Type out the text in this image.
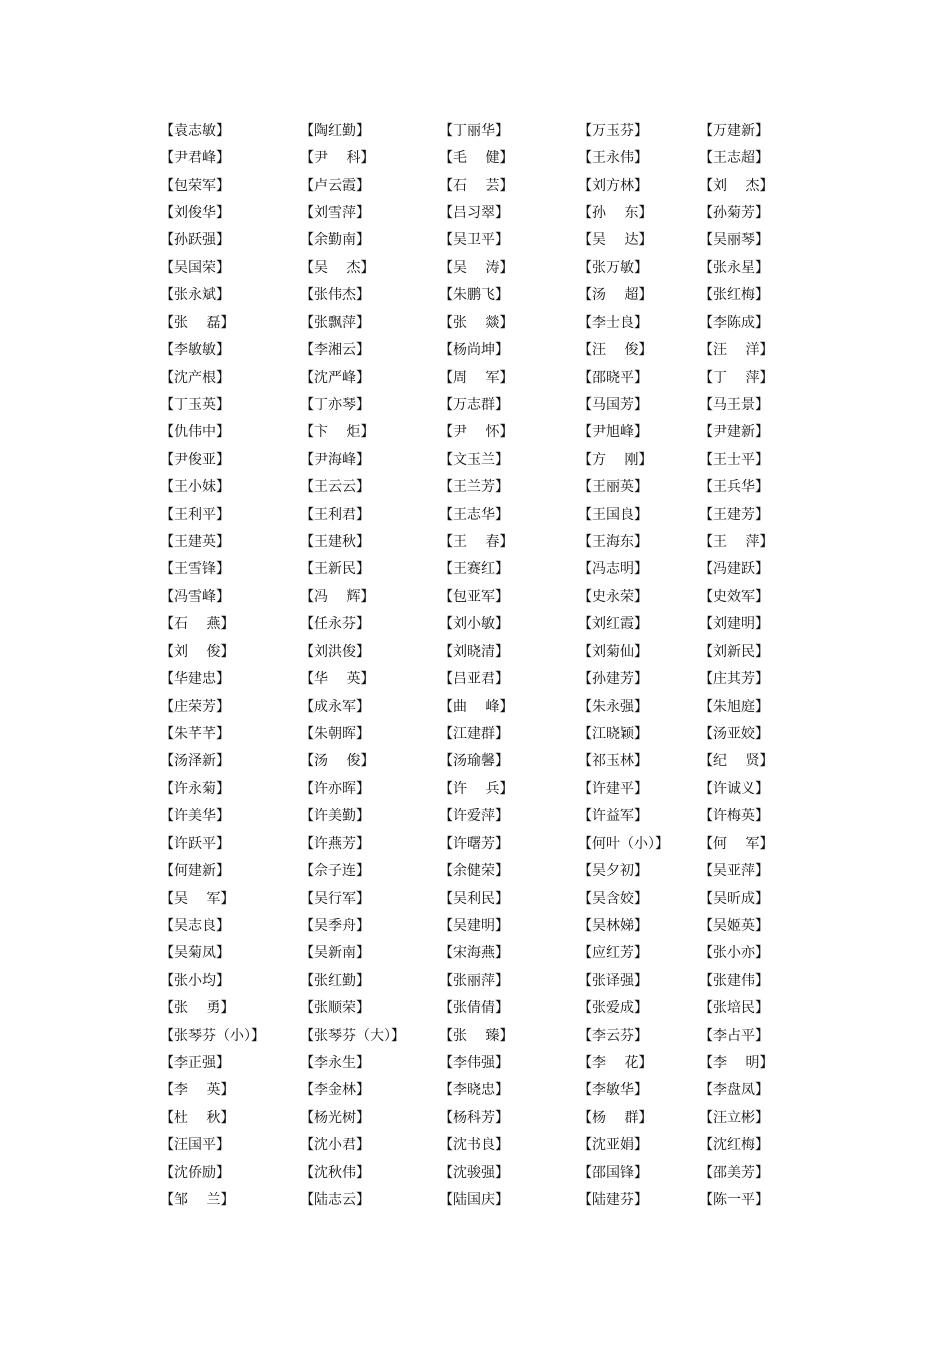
【袁志敏】	【陶红勤】	【丁丽华】	【万玉芬】	【万建新】
【尹君峰】	【尹　 科】	【毛　 健】	【王永伟】	【王志超】
【包荣军】	【卢云霞】	【石　 芸】	【刘方林】	【刘　 杰】
【刘俊华】	【刘雪萍】	【吕习翠】	【孙　 东】	【孙菊芳】
【孙跃强】	【余勤南】	【吴卫平】	【吴　 达】	【吴丽琴】
【吴国荣】	【吴　 杰】	【吴　 涛】	【张万敏】	【张永星】
【张永斌】	【张伟杰】	【朱鹏飞】	【汤　 超】	【张红梅】
【张　 磊】	【张飘萍】	【张　 燚】	【李士良】	【李陈成】
【李敏敏】	【李湘云】	【杨尚坤】	【汪　 俊】	【汪　 洋】
【沈产根】	【沈严峰】	【周　 军】	【邵晓平】	【丁　 萍】
【丁玉英】	【丁亦琴】	【万志群】	【马国芳】	【马王景】
【仇伟中】	【卞　 炬】	【尹　 怀】	【尹旭峰】	【尹建新】
【尹俊亚】	【尹海峰】	【文玉兰】	【方　 刚】	【王士平】
【王小妹】	【王云云】	【王兰芳】	【王丽英】	【王兵华】
【王利平】	【王利君】	【王志华】	【王国良】	【王建芳】
【王建英】	【王建秋】	【王　 春】	【王海东】	【王　 萍】
【王雪锋】	【王新民】	【王赛红】	【冯志明】	【冯建跃】
【冯雪峰】	【冯　 辉】	【包亚军】	【史永荣】	【史效军】
【石　 燕】	【任永芬】	【刘小敏】	【刘红霞】	【刘建明】
【刘　 俊】	【刘洪俊】	【刘晓清】	【刘菊仙】	【刘新民】
【华建忠】	【华　 英】	【吕亚君】	【孙建芳】	【庄其芳】
【庄荣芳】	【成永军】	【曲　 峰】	【朱永强】	【朱旭庭】
【朱芊芊】	【朱朝晖】	【江建群】	【江晓颖】	【汤亚姣】
【汤泽新】	【汤　 俊】	【汤瑜馨】	【祁玉林】	【纪　 贤】
【许永菊】	【许亦晖】	【许　 兵】	【许建平】	【许诚义】
【许美华】	【许美勤】	【许爱萍】	【许益军】	【许梅英】
【许跃平】	【许燕芳】	【许曙芳】	【何叶（小）】	【何　 军】
【何建新】	【佘子连】	【余健荣】	【吴夕初】	【吴亚萍】
【吴　 军】	【吴行军】	【吴利民】	【吴含姣】	【吴昕成】
【吴志良】	【吴季舟】	【吴建明】	【吴林娣】	【吴姬英】
【吴菊凤】	【吴新南】	【宋海燕】	【应红芳】	【张小亦】
【张小均】	【张红勤】	【张丽萍】	【张译强】	【张建伟】
【张　 勇】	【张顺荣】	【张倩倩】	【张爱成】	【张培民】
【张琴芬（小）】	【张琴芬（大）】	【张　 臻】	【李云芬】	【李占平】
【李正强】	【李永生】	【李伟强】	【李　 花】	【李　 明】
【李　 英】	【李金林】	【李晓忠】	【李敏华】	【李盘凤】
【杜　 秋】	【杨光树】	【杨科芳】	【杨　 群】	【汪立彬】
【汪国平】	【沈小君】	【沈书良】	【沈亚娟】	【沈红梅】
【沈侨励】	【沈秋伟】	【沈骏强】	【邵国锋】	【邵美芳】
【邹　 兰】	【陆志云】	【陆国庆】	【陆建芬】	【陈一平】
